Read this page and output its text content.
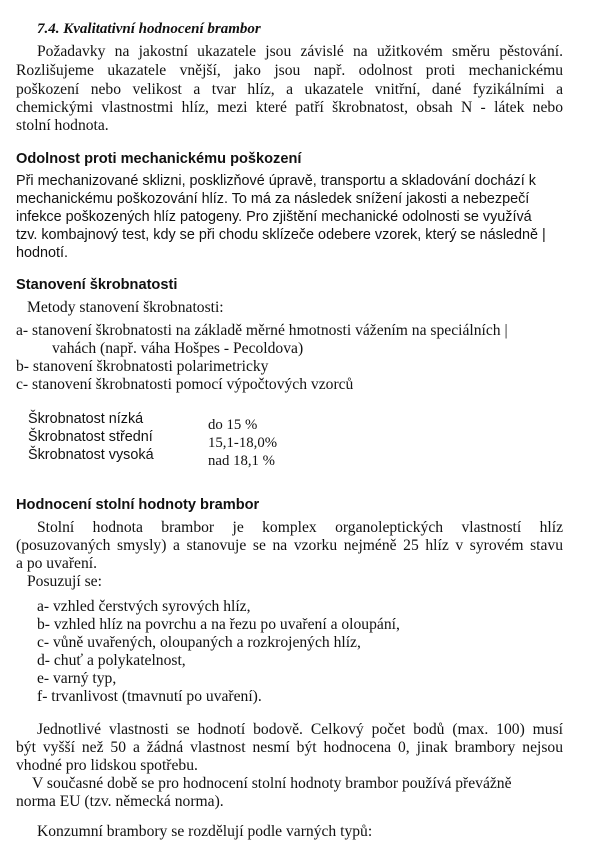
7.4. Kvalitativní hodnocení brambor
Požadavky na jakostní ukazatele jsou závislé na užitkovém směru pěstování.
Rozlišujeme ukazatele vnější, jako jsou např. odolnost proti mechanickému
poškození nebo velikost a tvar hlíz, a ukazatele vnitřní, dané fyzikálními a
chemickými vlastnostmi hlíz, mezi které patří škrobnatost, obsah N - látek nebo
stolní hodnota.
Odolnost proti mechanickému poškození
Při mechanizované sklizni, posklizňové úpravě, transportu a skladování dochází k
mechanickému poškozování hlíz. To má za následek snížení jakosti a nebezpečí
infekce poškozených hlíz patogeny. Pro zjištění mechanické odolnosti se využívá
tzv. kombajnový test, kdy se při chodu sklízeče odebere vzorek, který se následně |
hodnotí.
Stanovení škrobnatosti
Metody stanovení škrobnatosti:
a- stanovení škrobnatosti na základě měrné hmotnosti vážením na speciálních |
vahách (např. váha Hošpes - Pecoldova)
b- stanovení škrobnatosti polarimetricky
c- stanovení škrobnatosti pomocí výpočtových vzorců
Škrobnatost nízká	do 15 %
Škrobnatost střední	15,1-18,0%
Škrobnatost vysoká	nad 18,1 %
Hodnocení stolní hodnoty brambor
Stolní hodnota brambor je komplex organoleptických vlastností hlíz
(posuzovaných smysly) a stanovuje se na vzorku nejméně 25 hlíz v syrovém stavu
a po uvaření.
Posuzují se:
a- vzhled čerstvých syrových hlíz,
b- vzhled hlíz na povrchu a na řezu po uvaření a oloupání,
c- vůně uvařených, oloupaných a rozkrojených hlíz,
d- chuť a polykatelnost,
e- varný typ,
f- trvanlivost (tmavnutí po uvaření).
Jednotlivé vlastnosti se hodnotí bodově. Celkový počet bodů (max. 100) musí
být vyšší než 50 a žádná vlastnost nesmí být hodnocena 0, jinak brambory nejsou
vhodné pro lidskou spotřebu.
V současné době se pro hodnocení stolní hodnoty brambor používá převážně
norma EU (tzv. německá norma).
Konzumní brambory se rozdělují podle varných typů:
